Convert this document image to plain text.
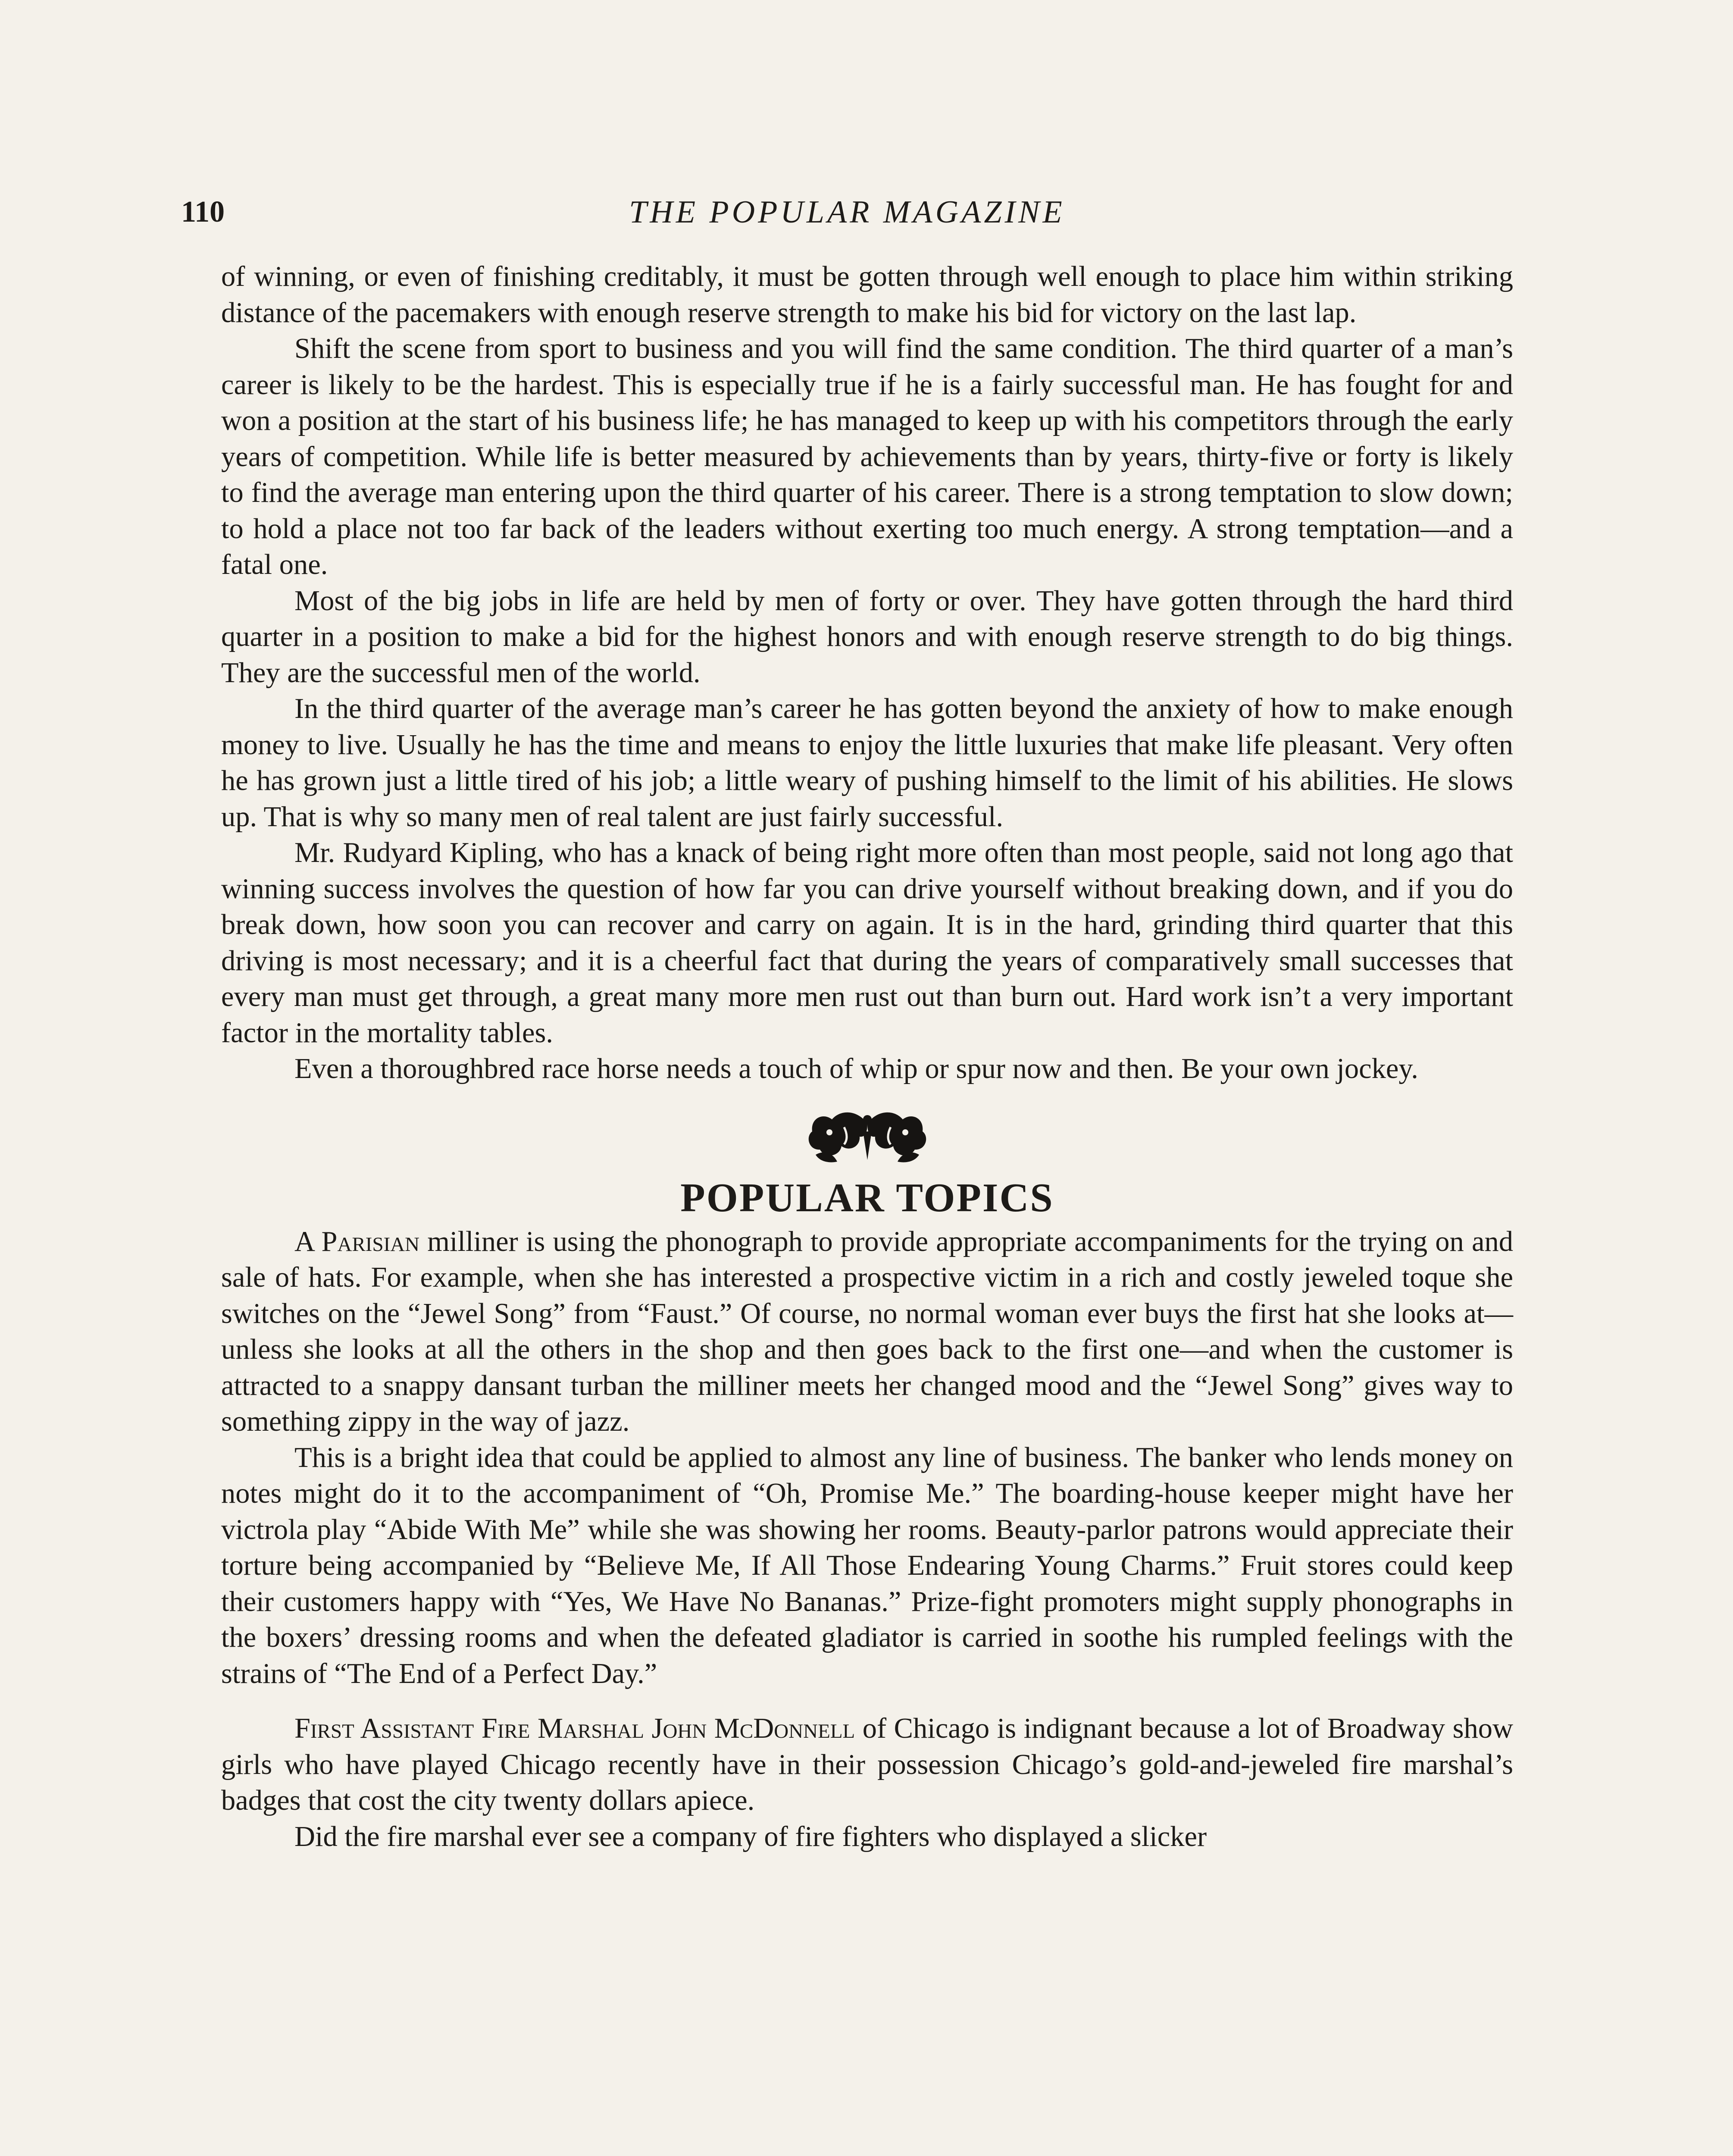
110	THE POPULAR MAGAZINE

of winning, or even of finishing creditably, it must be gotten through well enough to place him within striking distance of the pacemakers with enough reserve strength to make his bid for victory on the last lap.

Shift the scene from sport to business and you will find the same condition. The third quarter of a man’s career is likely to be the hardest. This is especially true if he is a fairly successful man. He has fought for and won a position at the start of his business life; he has managed to keep up with his competitors through the early years of competition. While life is better measured by achievements than by years, thirty-five or forty is likely to find the average man entering upon the third quarter of his career. There is a strong temptation to slow down; to hold a place not too far back of the leaders without exerting too much energy. A strong temptation—and a fatal one.

Most of the big jobs in life are held by men of forty or over. They have gotten through the hard third quarter in a position to make a bid for the highest honors and with enough reserve strength to do big things. They are the successful men of the world.

In the third quarter of the average man’s career he has gotten beyond the anxiety of how to make enough money to live. Usually he has the time and means to enjoy the little luxuries that make life pleasant. Very often he has grown just a little tired of his job; a little weary of pushing himself to the limit of his abilities. He slows up. That is why so many men of real talent are just fairly successful.

Mr. Rudyard Kipling, who has a knack of being right more often than most people, said not long ago that winning success involves the question of how far you can drive yourself without breaking down, and if you do break down, how soon you can recover and carry on again. It is in the hard, grinding third quarter that this driving is most necessary; and it is a cheerful fact that during the years of comparatively small successes that every man must get through, a great many more men rust out than burn out. Hard work isn’t a very important factor in the mortality tables.

Even a thoroughbred race horse needs a touch of whip or spur now and then. Be your own jockey.

POPULAR TOPICS

A Parisian milliner is using the phonograph to provide appropriate accompaniments for the trying on and sale of hats. For example, when she has interested a prospective victim in a rich and costly jeweled toque she switches on the “Jewel Song” from “Faust.” Of course, no normal woman ever buys the first hat she looks at—unless she looks at all the others in the shop and then goes back to the first one—and when the customer is attracted to a snappy dansant turban the milliner meets her changed mood and the “Jewel Song” gives way to something zippy in the way of jazz.

This is a bright idea that could be applied to almost any line of business. The banker who lends money on notes might do it to the accompaniment of “Oh, Promise Me.” The boarding-house keeper might have her victrola play “Abide With Me” while she was showing her rooms. Beauty-parlor patrons would appreciate their torture being accompanied by “Believe Me, If All Those Endearing Young Charms.” Fruit stores could keep their customers happy with “Yes, We Have No Bananas.” Prize-fight promoters might supply phonographs in the boxers’ dressing rooms and when the defeated gladiator is carried in soothe his rumpled feelings with the strains of “The End of a Perfect Day.”

First Assistant Fire Marshal John McDonnell of Chicago is indignant because a lot of Broadway show girls who have played Chicago recently have in their possession Chicago’s gold-and-jeweled fire marshal’s badges that cost the city twenty dollars apiece.

Did the fire marshal ever see a company of fire fighters who displayed a slicker
